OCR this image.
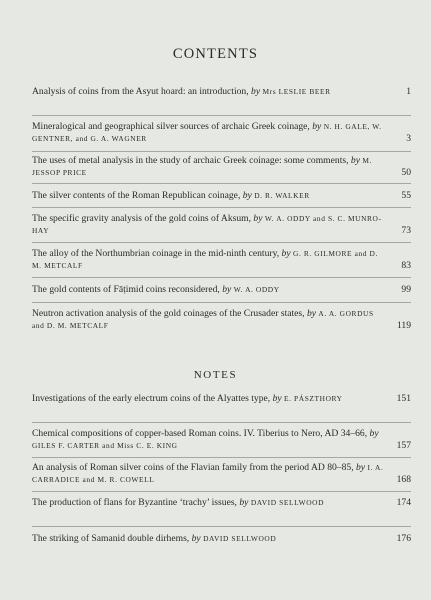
CONTENTS
Analysis of coins from the Asyut hoard: an introduction, by Mrs LESLIE BEER	1
Mineralogical and geographical silver sources of archaic Greek coinage, by N. H. GALE, W. GENTNER, and G. A. WAGNER	3
The uses of metal analysis in the study of archaic Greek coinage: some comments, by M. JESSOP PRICE	50
The silver contents of the Roman Republican coinage, by D. R. WALKER	55
The specific gravity analysis of the gold coins of Aksum, by W. A. ODDY and S. C. MUNRO-HAY	73
The alloy of the Northumbrian coinage in the mid-ninth century, by G. R. GILMORE and D. M. METCALF	83
The gold contents of Fāṭimid coins reconsidered, by W. A. ODDY	99
Neutron activation analysis of the gold coinages of the Crusader states, by A. A. GORDUS and D. M. METCALF	119
NOTES
Investigations of the early electrum coins of the Alyattes type, by E. PÁSZTHORY	151
Chemical compositions of copper-based Roman coins. IV. Tiberius to Nero, AD 34–66, by GILES F. CARTER and Miss C. E. KING	157
An analysis of Roman silver coins of the Flavian family from the period AD 80–85, by I. A. CARRADICE and M. R. COWELL	168
The production of flans for Byzantine ‘trachy’ issues, by DAVID SELLWOOD	174
The striking of Samanid double dirhems, by DAVID SELLWOOD	176
